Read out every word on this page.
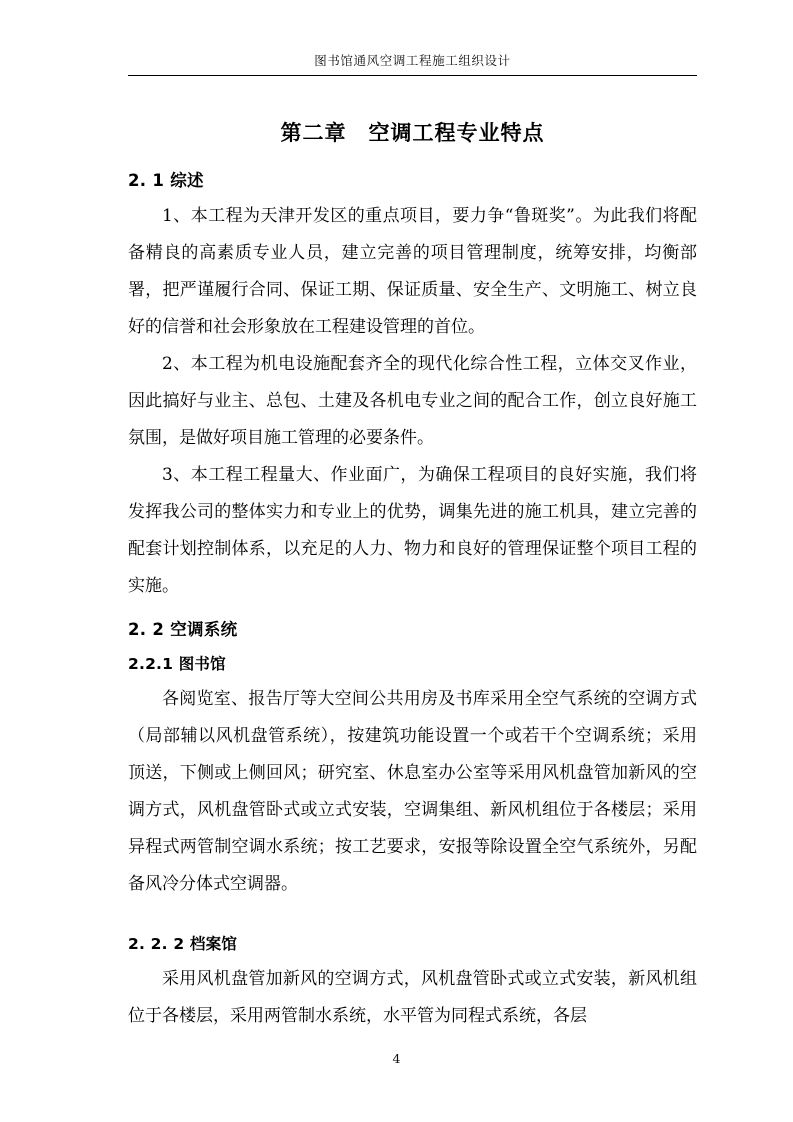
图书馆通风空调工程施工组织设计
第二章　空调工程专业特点
2. 1 综述

1、本工程为天津开发区的重点项目，要力争“鲁斑奖”。为此我们将配备精良的高素质专业人员，建立完善的项目管理制度，统筹安排，均衡部署，把严谨履行合同、保证工期、保证质量、安全生产、文明施工、树立良好的信誉和社会形象放在工程建设管理的首位。

2、本工程为机电设施配套齐全的现代化综合性工程，立体交叉作业，因此搞好与业主、总包、土建及各机电专业之间的配合工作，创立良好施工氛围，是做好项目施工管理的必要条件。

3、本工程工程量大、作业面广，为确保工程项目的良好实施，我们将发挥我公司的整体实力和专业上的优势，调集先进的施工机具，建立完善的配套计划控制体系，以充足的人力、物力和良好的管理保证整个项目工程的实施。

2. 2 空调系统
2.2.1 图书馆

各阅览室、报告厅等大空间公共用房及书库采用全空气系统的空调方式（局部辅以风机盘管系统），按建筑功能设置一个或若干个空调系统；采用顶送，下侧或上侧回风；研究室、休息室办公室等采用风机盘管加新风的空调方式，风机盘管卧式或立式安装，空调集组、新风机组位于各楼层；采用异程式两管制空调水系统；按工艺要求，安报等除设置全空气系统外，另配备风冷分体式空调器。

2. 2. 2 档案馆

采用风机盘管加新风的空调方式，风机盘管卧式或立式安装，新风机组位于各楼层，采用两管制水系统，水平管为同程式系统，各层

4
